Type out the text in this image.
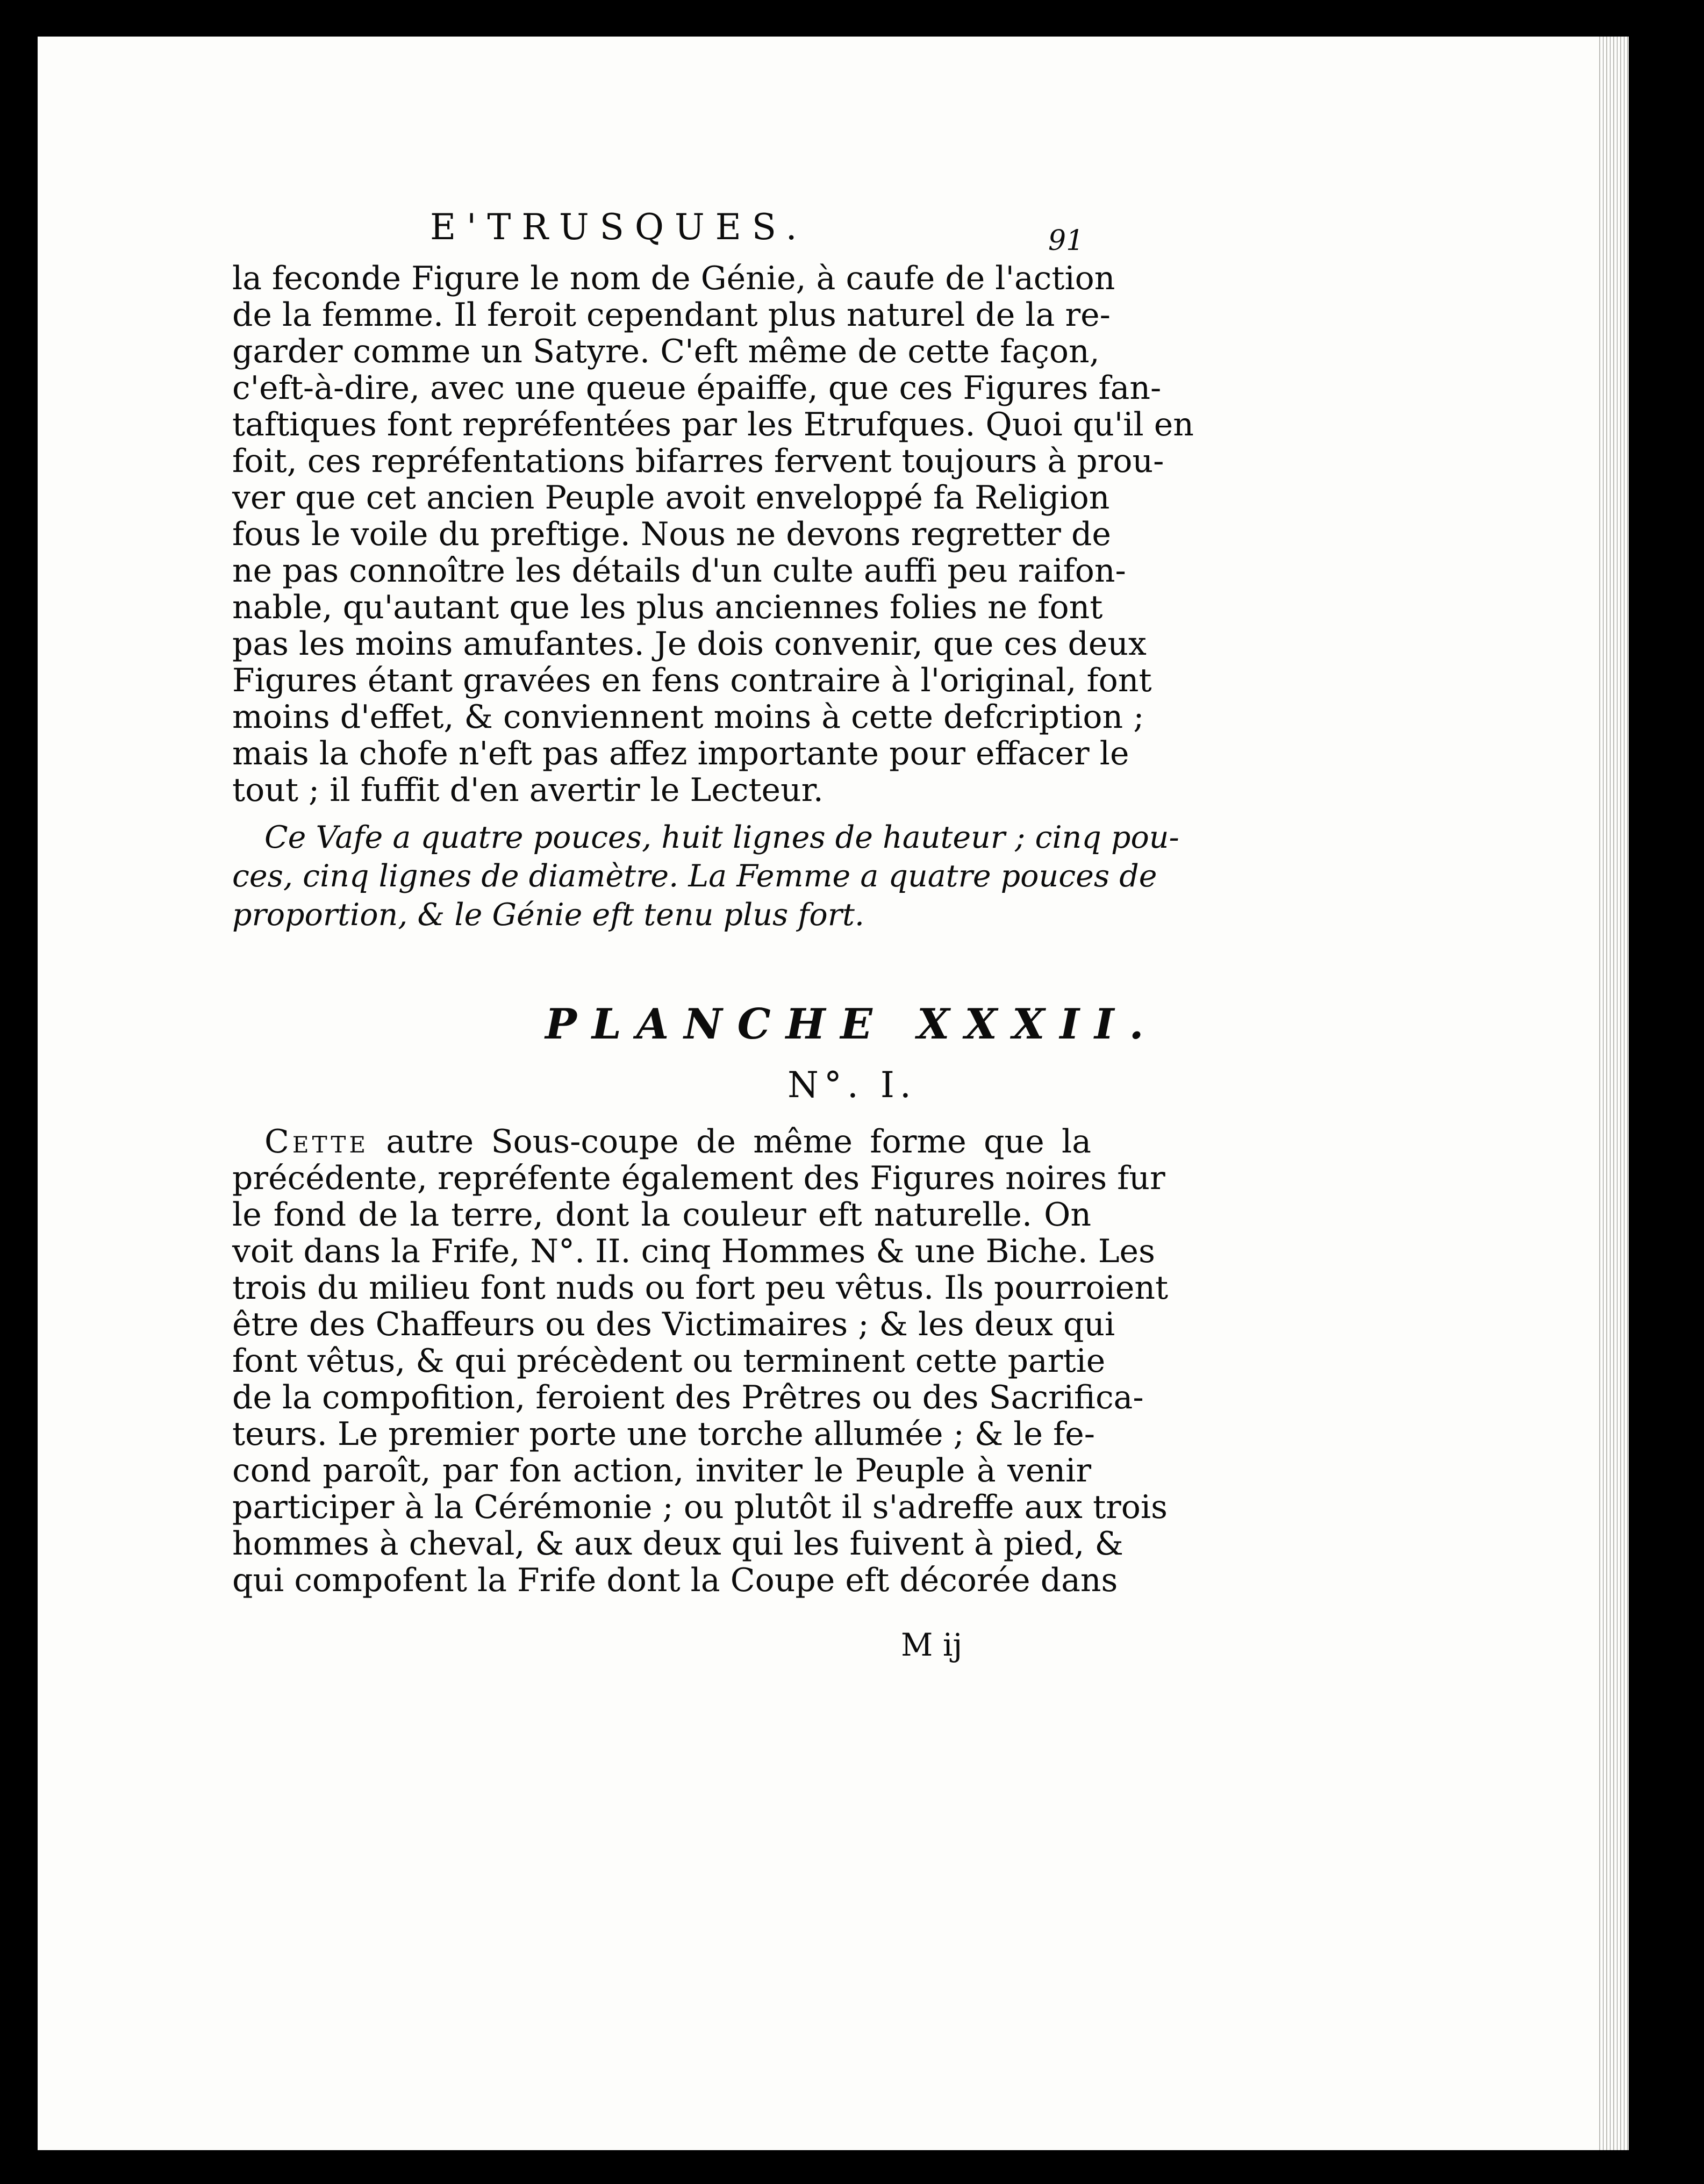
E'TRUSQUES.	91
la feconde Figure le nom de Génie, à caufe de l'action
de la femme. Il feroit cependant plus naturel de la re-
garder comme un Satyre. C'eft même de cette façon,
c'eft-à-dire, avec une queue épaiffe, que ces Figures fan-
taftiques font repréfentées par les Etrufques. Quoi qu'il en
foit, ces repréfentations bifarres fervent toujours à prou-
ver que cet ancien Peuple avoit enveloppé fa Religion
fous le voile du preftige. Nous ne devons regretter de
ne pas connoître les détails d'un culte auffi peu raifon-
nable, qu'autant que les plus anciennes folies ne font
pas les moins amufantes. Je dois convenir, que ces deux
Figures étant gravées en fens contraire à l'original, font
moins d'effet, & conviennent moins à cette defcription ;
mais la chofe n'eft pas affez importante pour effacer le
tout ; il fuffit d'en avertir le Lecteur.
Ce Vafe a quatre pouces, huit lignes de hauteur ; cinq pou-
ces, cinq lignes de diamètre. La Femme a quatre pouces de
proportion, & le Génie eft tenu plus fort.
PLANCHE XXXII.
N°. I.
Cette autre Sous-coupe de même forme que la
précédente, repréfente également des Figures noires fur
le fond de la terre, dont la couleur eft naturelle. On
voit dans la Frife, N°. II. cinq Hommes & une Biche. Les
trois du milieu font nuds ou fort peu vêtus. Ils pourroient
être des Chaffeurs ou des Victimaires ; & les deux qui
font vêtus, & qui précèdent ou terminent cette partie
de la compofition, feroient des Prêtres ou des Sacrifica-
teurs. Le premier porte une torche allumée ; & le fe-
cond paroît, par fon action, inviter le Peuple à venir
participer à la Cérémonie ; ou plutôt il s'adreffe aux trois
hommes à cheval, & aux deux qui les fuivent à pied, &
qui compofent la Frife dont la Coupe eft décorée dans
M ij
